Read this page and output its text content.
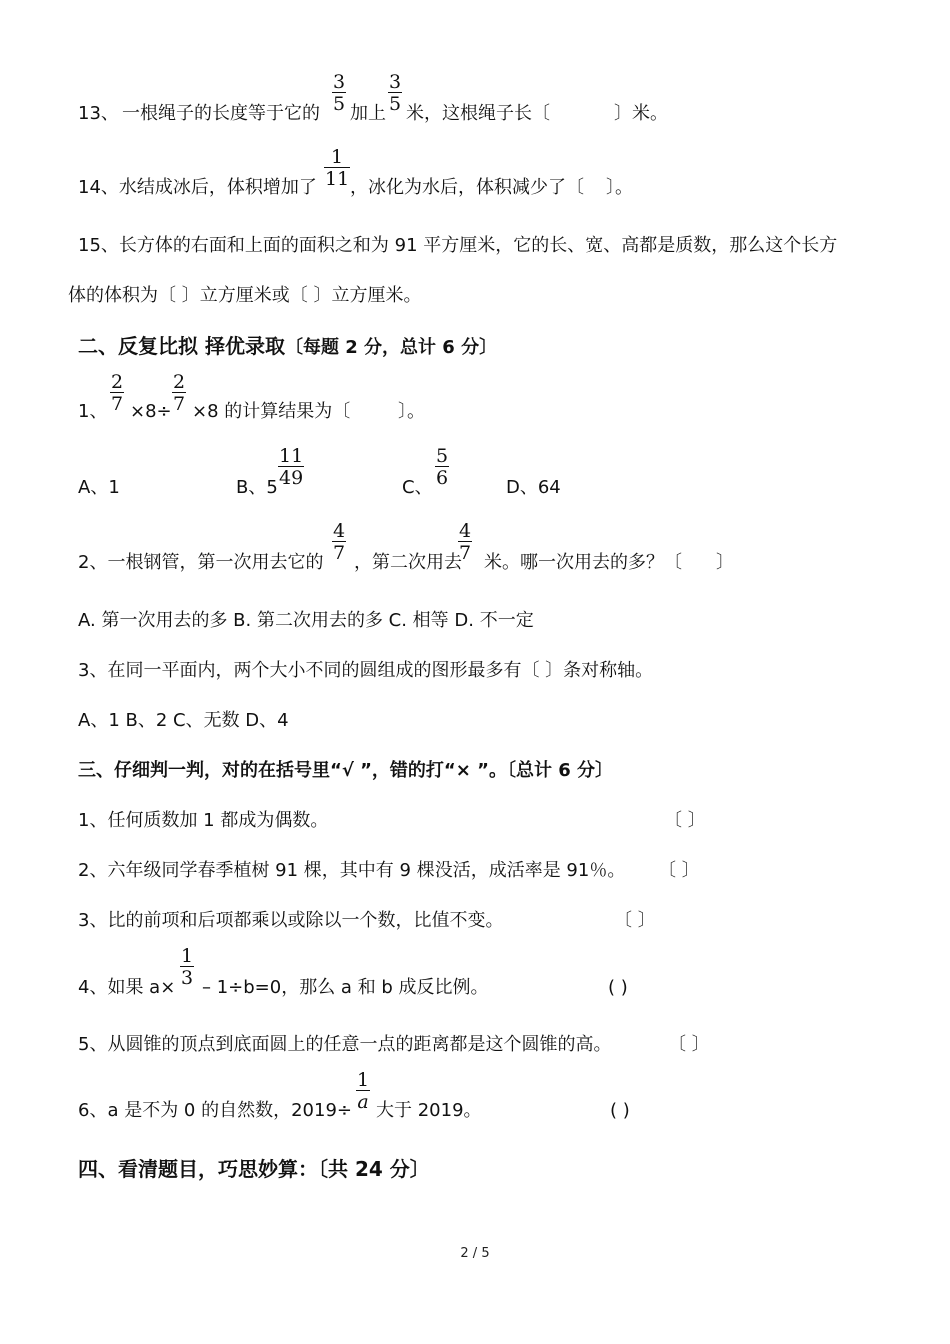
13、 一根绳子的长度等于它的 $\frac{3}{5}$ 加上 $\frac{3}{5}$ 米，这根绳子长〔	〕米。
14、水结成冰后，体积增加了 $\frac{1}{11}$ ，冰化为水后，体积减少了〔 〕。
15、长方体的右面和上面的面积之和为 91 平方厘米，它的长、宽、高都是质数，那么这个长方
体的体积为〔 〕立方厘米或〔 〕立方厘米。
二、反复比拟 择优录取〔每题 2 分，总计 6 分〕
1、 $\frac{2}{7} \times 8\div \frac{2}{7} \times 8$ 的计算结果为〔	〕。
A、1	B、$5 \frac{11}{49}$	C、 $\frac{5}{6}$	D、64
2、一根钢管，第一次用去它的 $\frac{4}{7}$ ，第二次用去
$\frac{4}{7}$ 米。哪一次用去的多？〔 〕
A. 第一次用去的多 B. 第二次用去的多 C. 相等 D. 不一定
3、在同一平面内，两个大小不同的圆组成的图形最多有〔 〕条对称轴。
A、1 B、2 C、无数 D、4
三、仔细判一判，对的在括号里“√ ”，错的打“× ”。〔总计 6 分〕
1、任何质数加 1 都成为偶数。	〔 〕
2、六年级同学春季植树 91 棵，其中有 9 棵没活，成活率是 91％。 〔 〕
3、比的前项和后项都乘以或除以一个数，比值不变。	〔 〕
4、如果 $a\times \frac{1}{3} - 1\div b=0$，那么 a 和 b 成反比例。	( )
5、从圆锥的顶点到底面圆上的任意一点的距离都是这个圆锥的高。	〔 〕
6、a 是不为 0 的自然数，$2019\div \frac{1}{a}$ 大于 2019。	( )
四、看清题目，巧思妙算：〔共 24 分〕
2 / 5
